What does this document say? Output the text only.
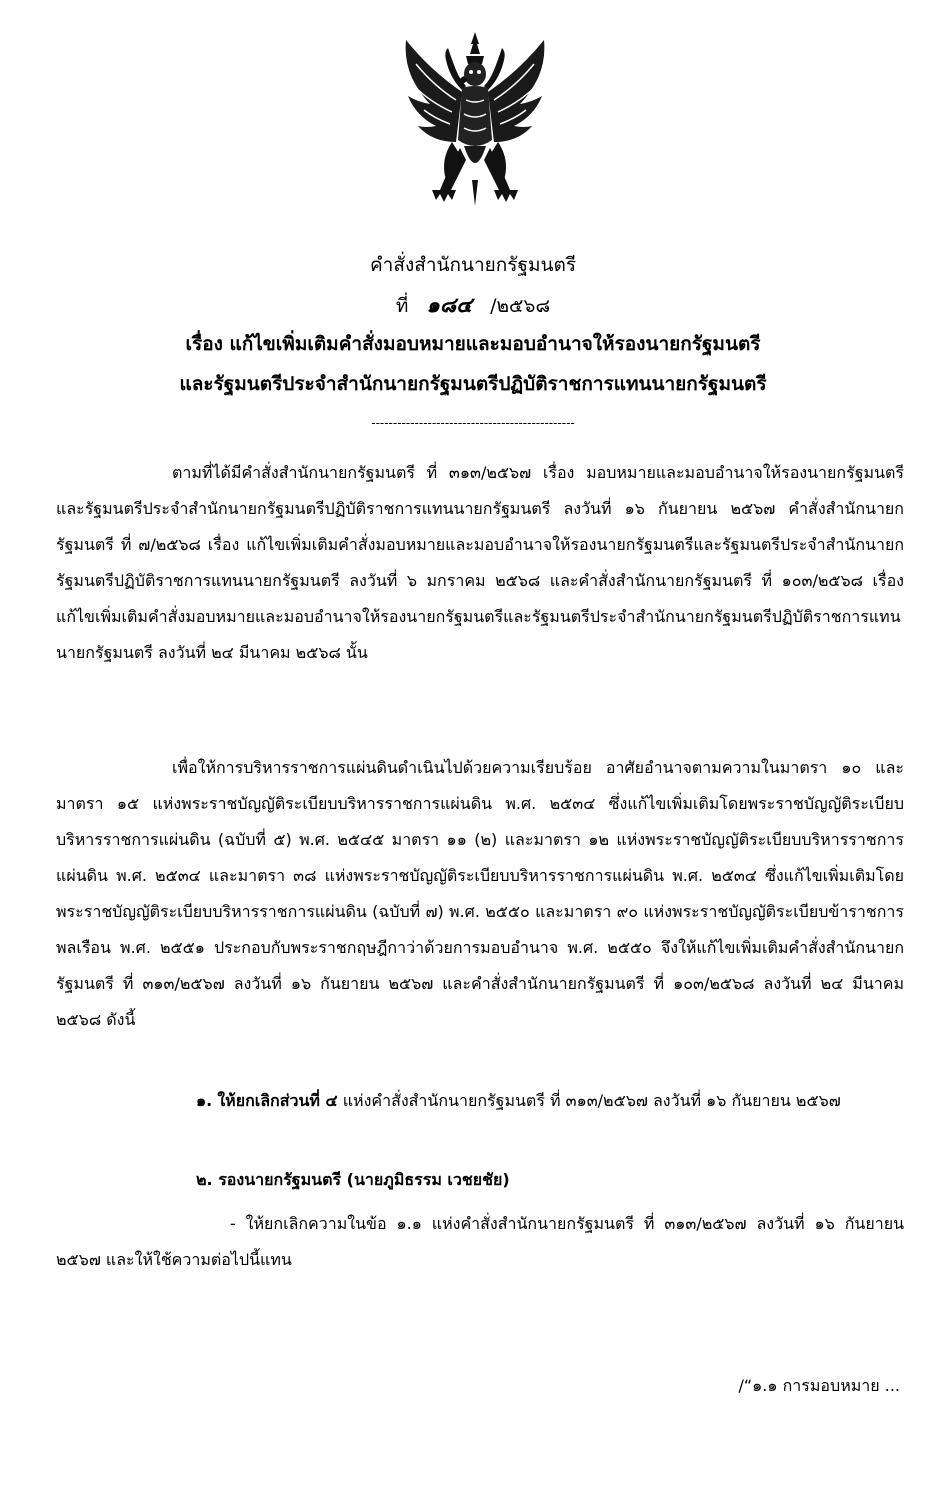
คำสั่งสำนักนายกรัฐมนตรี
ที่ ๑๘๔ /๒๕๖๘
เรื่อง แก้ไขเพิ่มเติมคำสั่งมอบหมายและมอบอำนาจให้รองนายกรัฐมนตรี
และรัฐมนตรีประจำสำนักนายกรัฐมนตรีปฏิบัติราชการแทนนายกรัฐมนตรี
-----------------------------------------------

ตามที่ได้มีคำสั่งสำนักนายกรัฐมนตรี ที่ ๓๑๓/๒๕๖๗ เรื่อง มอบหมายและมอบอำนาจให้รองนายกรัฐมนตรีและรัฐมนตรีประจำสำนักนายกรัฐมนตรีปฏิบัติราชการแทนนายกรัฐมนตรี ลงวันที่ ๑๖ กันยายน ๒๕๖๗ คำสั่งสำนักนายกรัฐมนตรี ที่ ๗/๒๕๖๘ เรื่อง แก้ไขเพิ่มเติมคำสั่งมอบหมายและมอบอำนาจให้รองนายกรัฐมนตรีและรัฐมนตรีประจำสำนักนายกรัฐมนตรีปฏิบัติราชการแทนนายกรัฐมนตรี ลงวันที่ ๖ มกราคม ๒๕๖๘ และคำสั่งสำนักนายกรัฐมนตรี ที่ ๑๐๓/๒๕๖๘ เรื่อง แก้ไขเพิ่มเติมคำสั่งมอบหมายและมอบอำนาจให้รองนายกรัฐมนตรีและรัฐมนตรีประจำสำนักนายกรัฐมนตรีปฏิบัติราชการแทนนายกรัฐมนตรี ลงวันที่ ๒๔ มีนาคม ๒๕๖๘ นั้น

เพื่อให้การบริหารราชการแผ่นดินดำเนินไปด้วยความเรียบร้อย อาศัยอำนาจตามความในมาตรา ๑๐ และมาตรา ๑๕ แห่งพระราชบัญญัติระเบียบบริหารราชการแผ่นดิน พ.ศ. ๒๕๓๔ ซึ่งแก้ไขเพิ่มเติมโดยพระราชบัญญัติระเบียบบริหารราชการแผ่นดิน (ฉบับที่ ๕) พ.ศ. ๒๕๔๕ มาตรา ๑๑ (๒) และมาตรา ๑๒ แห่งพระราชบัญญัติระเบียบบริหารราชการแผ่นดิน พ.ศ. ๒๕๓๔ และมาตรา ๓๘ แห่งพระราชบัญญัติระเบียบบริหารราชการแผ่นดิน พ.ศ. ๒๕๓๔ ซึ่งแก้ไขเพิ่มเติมโดยพระราชบัญญัติระเบียบบริหารราชการแผ่นดิน (ฉบับที่ ๗) พ.ศ. ๒๕๕๐ และมาตรา ๙๐ แห่งพระราชบัญญัติระเบียบข้าราชการพลเรือน พ.ศ. ๒๕๕๑ ประกอบกับพระราชกฤษฎีกาว่าด้วยการมอบอำนาจ พ.ศ. ๒๕๕๐ จึงให้แก้ไขเพิ่มเติมคำสั่งสำนักนายกรัฐมนตรี ที่ ๓๑๓/๒๕๖๗ ลงวันที่ ๑๖ กันยายน ๒๕๖๗ และคำสั่งสำนักนายกรัฐมนตรี ที่ ๑๐๓/๒๕๖๘ ลงวันที่ ๒๔ มีนาคม ๒๕๖๘ ดังนี้

๑. ให้ยกเลิกส่วนที่ ๔ แห่งคำสั่งสำนักนายกรัฐมนตรี ที่ ๓๑๓/๒๕๖๗ ลงวันที่ ๑๖ กันยายน ๒๕๖๗

๒. รองนายกรัฐมนตรี (นายภูมิธรรม เวชยชัย)

- ให้ยกเลิกความในข้อ ๑.๑ แห่งคำสั่งสำนักนายกรัฐมนตรี ที่ ๓๑๓/๒๕๖๗ ลงวันที่ ๑๖ กันยายน ๒๕๖๗ และให้ใช้ความต่อไปนี้แทน

/“๑.๑ การมอบหมาย ...
